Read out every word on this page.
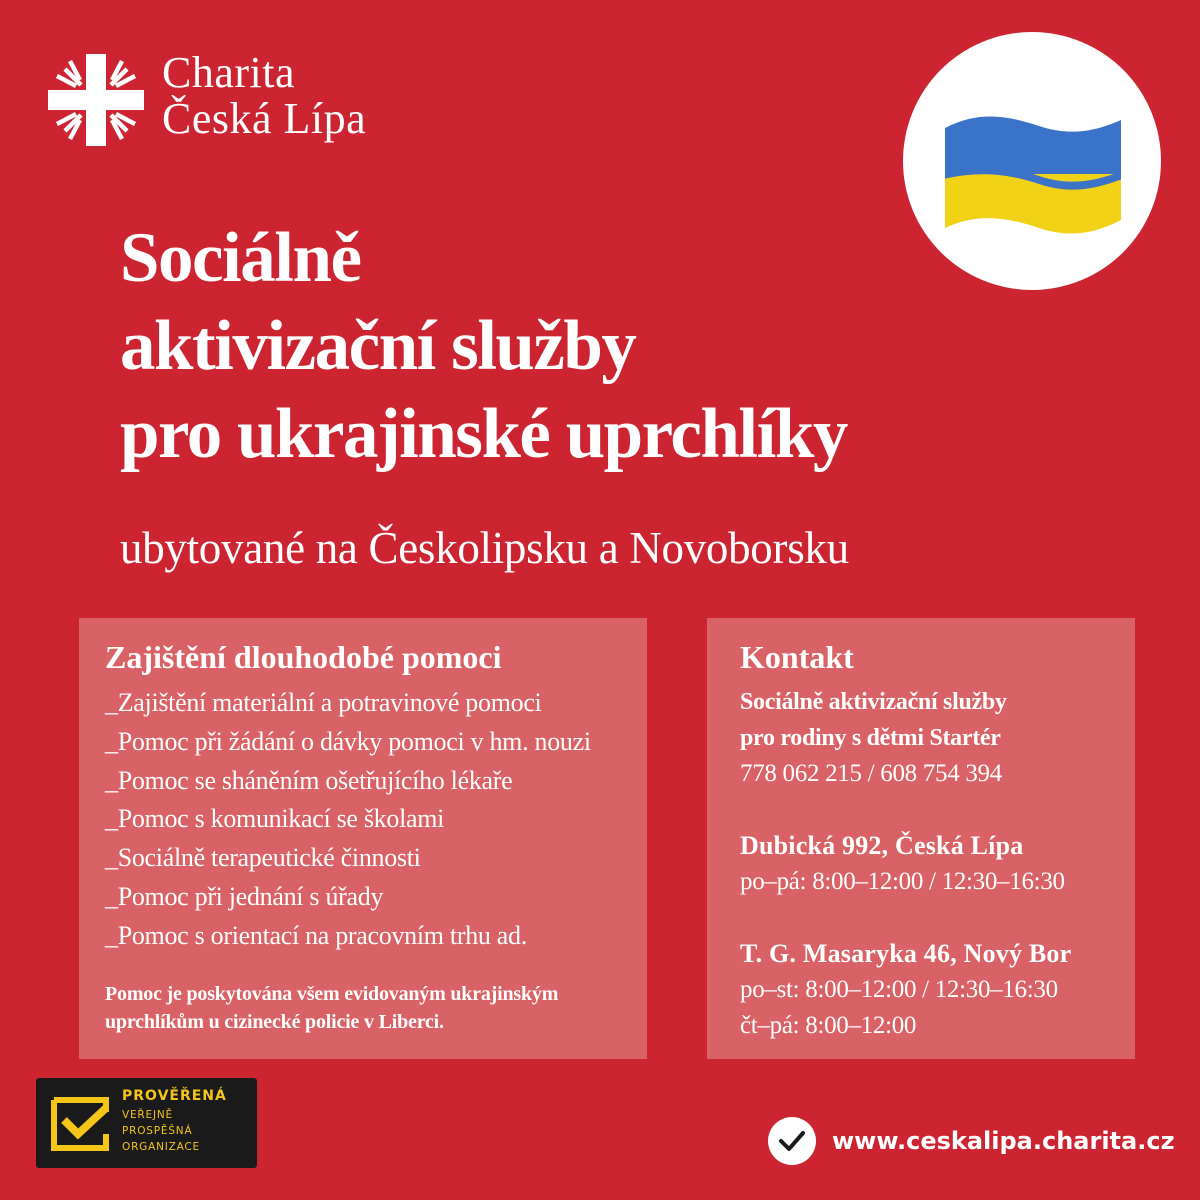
Charita
Česká Lípa
Sociálně
aktivizační služby
pro ukrajinské uprchlíky
ubytované na Českolipsku a Novoborsku
Zajištění dlouhodobé pomoci
_Zajištění materiální a potravinové pomoci
_Pomoc při žádání o dávky pomoci v hm. nouzi
_Pomoc se sháněním ošetřujícího lékaře
_Pomoc s komunikací se školami
_Sociálně terapeutické činnosti
_Pomoc při jednání s úřady
_Pomoc s orientací na pracovním trhu ad.
Pomoc je poskytována všem evidovaným ukrajinským uprchlíkům u cizinecké policie v Liberci.
Kontakt
Sociálně aktivizační služby
pro rodiny s dětmi Startér
778 062 215 / 608 754 394
Dubická 992, Česká Lípa
po–pá: 8:00–12:00 / 12:30–16:30
T. G. Masaryka 46, Nový Bor
po–st: 8:00–12:00 / 12:30–16:30
čt–pá: 8:00–12:00
PROVĚŘENÁ
VEŘEJNĚ
PROSPĚŠNÁ
ORGANIZACE	www.ceskalipa.charita.cz
